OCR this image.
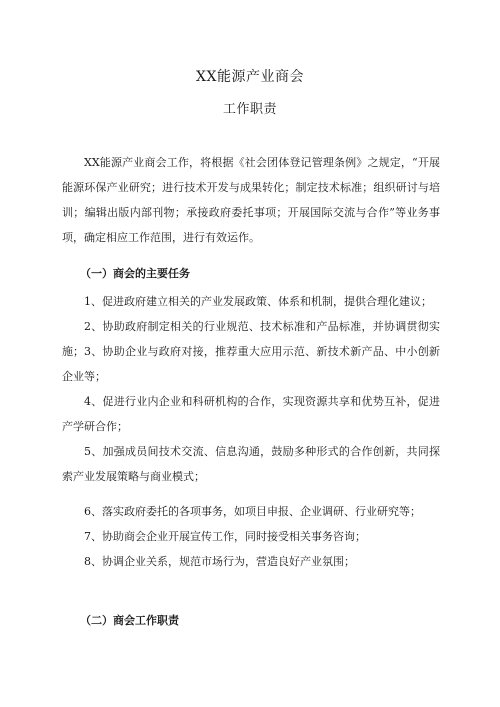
XX能源产业商会
工作职责
XX能源产业商会工作，将根据《社会团体登记管理条例》之规定，“开展能源环保产业研究；进行技术开发与成果转化；制定技术标准；组织研讨与培训；编辑出版内部刊物；承接政府委托事项；开展国际交流与合作”等业务事项，确定相应工作范围，进行有效运作。
（一）商会的主要任务

1、促进政府建立相关的产业发展政策、体系和机制，提供合理化建议；

2、协助政府制定相关的行业规范、技术标准和产品标准，并协调贯彻实施； 3、协助企业与政府对接，推荐重大应用示范、新技术新产品、中小创新企业等；

4、促进行业内企业和科研机构的合作，实现资源共享和优势互补，促进产学研合作；

5、加强成员间技术交流、信息沟通，鼓励多种形式的合作创新，共同探索产业发展策略与商业模式；

6、落实政府委托的各项事务，如项目申报、企业调研、行业研究等；

7、协助商会企业开展宣传工作，同时接受相关事务咨询；

8、协调企业关系，规范市场行为，营造良好产业氛围；

（二）商会工作职责
